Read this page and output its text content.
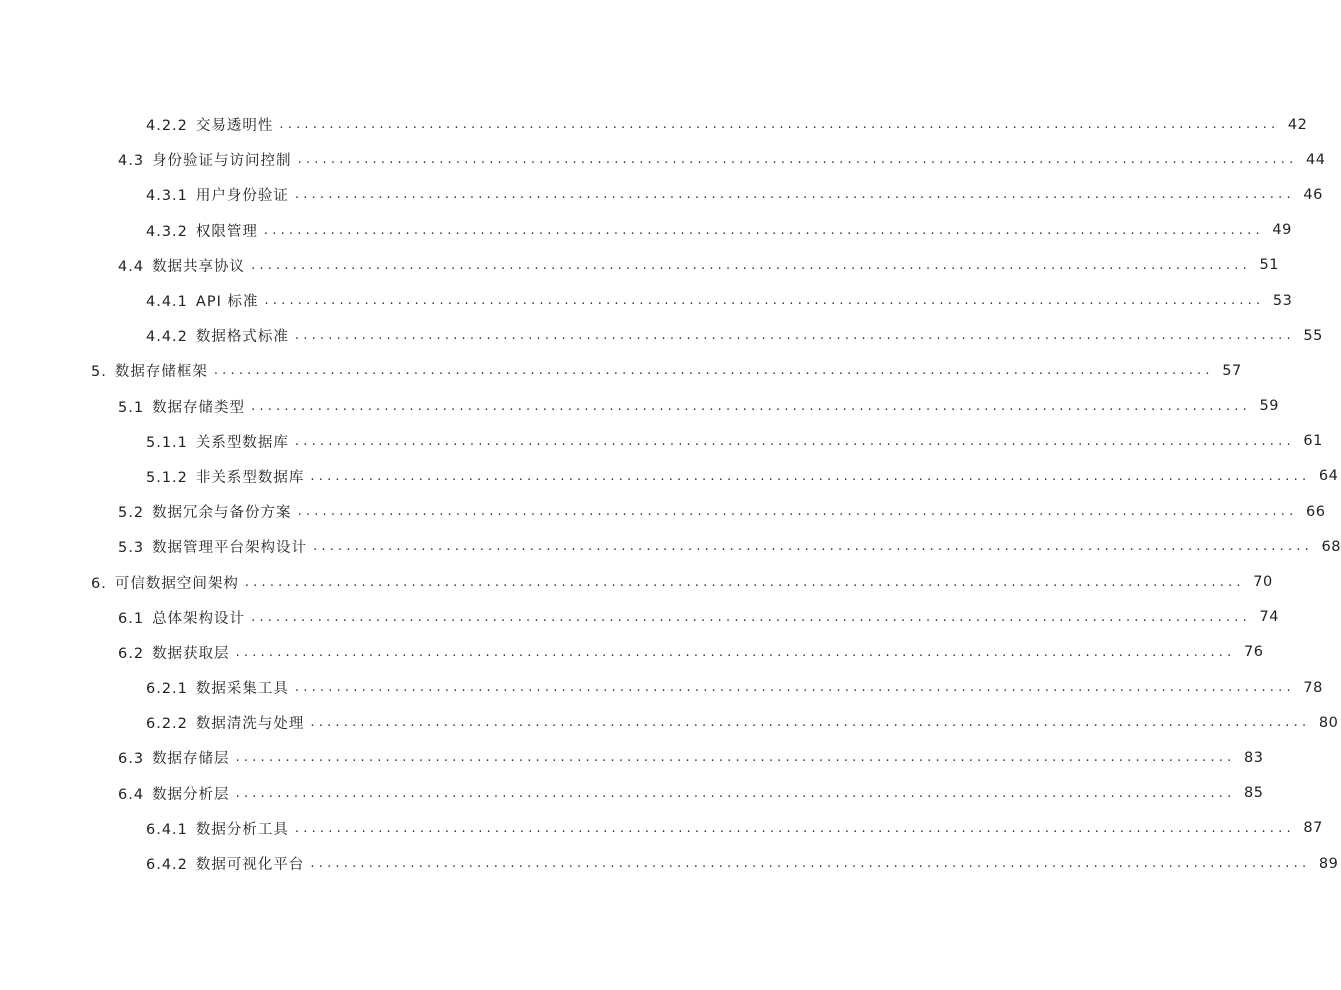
4.2.2 交易透明性 ........................................................................................................................ 42
4.3 身份验证与访问控制 ........................................................................................................................ 44
4.3.1 用户身份验证 ........................................................................................................................ 46
4.3.2 权限管理 ........................................................................................................................ 49
4.4 数据共享协议 ........................................................................................................................ 51
4.4.1 API 标准 ........................................................................................................................ 53
4.4.2 数据格式标准 ........................................................................................................................ 55
5. 数据存储框架 ........................................................................................................................ 57
5.1 数据存储类型 ........................................................................................................................ 59
5.1.1 关系型数据库 ........................................................................................................................ 61
5.1.2 非关系型数据库 ........................................................................................................................ 64
5.2 数据冗余与备份方案 ........................................................................................................................ 66
5.3 数据管理平台架构设计 ........................................................................................................................ 68
6. 可信数据空间架构 ........................................................................................................................ 70
6.1 总体架构设计 ........................................................................................................................ 74
6.2 数据获取层 ........................................................................................................................ 76
6.2.1 数据采集工具 ........................................................................................................................ 78
6.2.2 数据清洗与处理 ........................................................................................................................ 80
6.3 数据存储层 ........................................................................................................................ 83
6.4 数据分析层 ........................................................................................................................ 85
6.4.1 数据分析工具 ........................................................................................................................ 87
6.4.2 数据可视化平台 ........................................................................................................................ 89
